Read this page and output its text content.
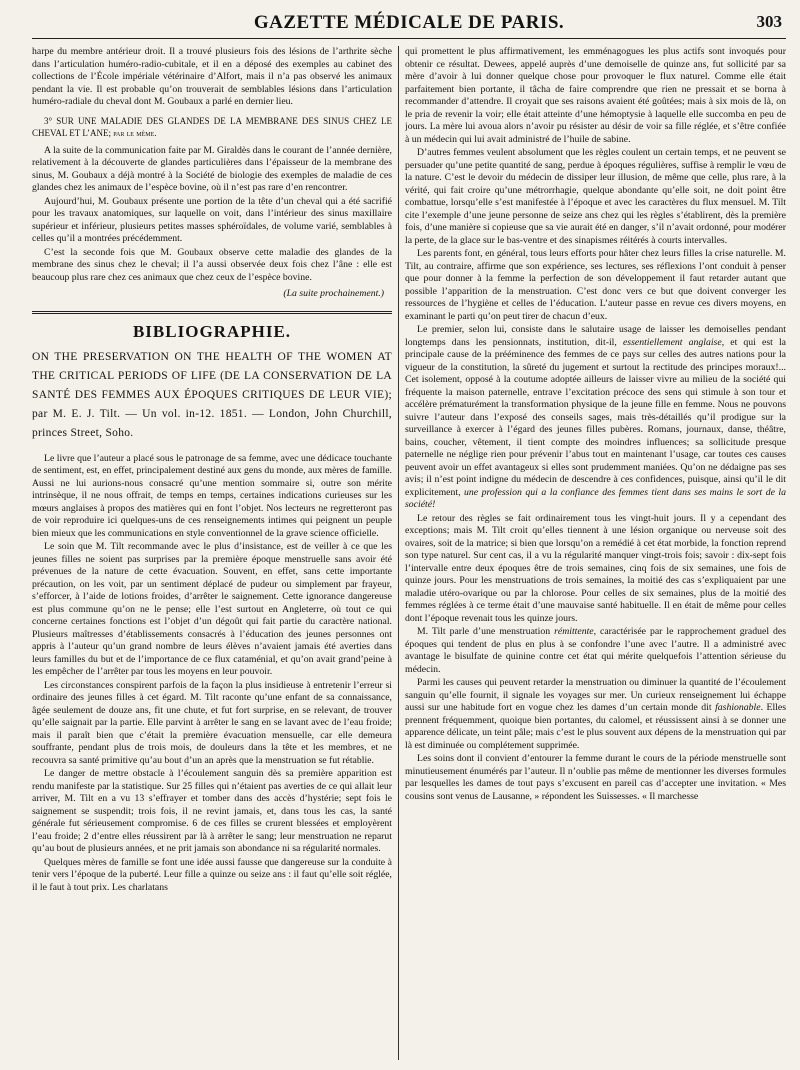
GAZETTE MÉDICALE DE PARIS.	303

harpe du membre antérieur droit. Il a trouvé plusieurs fois des lésions de l’arthrite sèche dans l’articulation huméro-radio-cubitale, et il en a déposé des exemples au cabinet des collections de l’École impériale vétérinaire d’Alfort, mais il n’a pas observé les animaux pendant la vie. Il est probable qu’on trouverait de semblables lésions dans l’articulation huméro-radiale du cheval dont M. Goubaux a parlé en dernier lieu.

3° SUR UNE MALADIE DES GLANDES DE LA MEMBRANE DES SINUS CHEZ LE CHEVAL ET L’ANE; par le même.

A la suite de la communication faite par M. Giraldès dans le courant de l’année dernière, relativement à la découverte de glandes particulières dans l’épaisseur de la membrane des sinus, M. Goubaux a déjà montré à la Société de biologie des exemples de maladie de ces glandes chez les animaux de l’espèce bovine, où il n’est pas rare d’en rencontrer.

Aujourd’hui, M. Goubaux présente une portion de la tête d’un cheval qui a été sacrifié pour les travaux anatomiques, sur laquelle on voit, dans l’intérieur des sinus maxillaire supérieur et inférieur, plusieurs petites masses sphéroïdales, de volume varié, semblables à celles qu’il a montrées précédemment.

C’est la seconde fois que M. Goubaux observe cette maladie des glandes de la membrane des sinus chez le cheval; il l’a aussi observée deux fois chez l’âne : elle est beaucoup plus rare chez ces animaux que chez ceux de l’espèce bovine.

(La suite prochainement.)
BIBLIOGRAPHIE.
ON THE PRESERVATION ON THE HEALTH OF THE WOMEN AT THE CRITICAL PERIODS OF LIFE (DE LA CONSERVATION DE LA SANTÉ DES FEMMES AUX ÉPOQUES CRITIQUES DE LEUR VIE); par M. E. J. Tilt. — Un vol. in-12. 1851. — London, John Churchill, princes Street, Soho.

Le livre que l’auteur a placé sous le patronage de sa femme, avec une dédicace touchante de sentiment, est, en effet, principalement destiné aux gens du monde, aux mères de famille. Aussi ne lui aurions-nous consacré qu’une mention sommaire si, outre son mérite intrinsèque, il ne nous offrait, de temps en temps, certaines indications curieuses sur les mœurs anglaises à propos des matières qui en font l’objet. Nos lecteurs ne regretteront pas de voir reproduire ici quelques-uns de ces renseignements intimes qui peignent un peuple bien mieux que les communications en style conventionnel de la grave science officielle.

Le soin que M. Tilt recommande avec le plus d’insistance, est de veiller à ce que les jeunes filles ne soient pas surprises par la première époque menstruelle sans avoir été prévenues de la nature de cette évacuation. Souvent, en effet, sans cette importante précaution, on les voit, par un sentiment déplacé de pudeur ou simplement par frayeur, s’efforcer, à l’aide de lotions froides, d’arrêter le saignement. Cette ignorance dangereuse est plus commune qu’on ne le pense; elle l’est surtout en Angleterre, où tout ce qui concerne certaines fonctions est l’objet d’un dégoût qui fait partie du caractère national. Plusieurs maîtresses d’établissements consacrés à l’éducation des jeunes personnes ont appris à l’auteur qu’un grand nombre de leurs élèves n’avaient jamais été averties dans leurs familles du but et de l’importance de ce flux cataménial, et qu’on avait grand’peine à les empêcher de l’arrêter par tous les moyens en leur pouvoir.

Les circonstances conspirent parfois de la façon la plus insidieuse à entretenir l’erreur si ordinaire des jeunes filles à cet égard. M. Tilt raconte qu’une enfant de sa connaissance, âgée seulement de douze ans, fit une chute, et fut fort surprise, en se relevant, de trouver qu’elle saignait par la partie. Elle parvint à arrêter le sang en se lavant avec de l’eau froide; mais il paraît bien que c’était la première évacuation mensuelle, car elle demeura souffrante, pendant plus de trois mois, de douleurs dans la tête et les membres, et ne recouvra sa santé primitive qu’au bout d’un an après que la menstruation se fut rétablie.

Le danger de mettre obstacle à l’écoulement sanguin dès sa première apparition est rendu manifeste par la statistique. Sur 25 filles qui n’étaient pas averties de ce qui allait leur arriver, M. Tilt en a vu 13 s’effrayer et tomber dans des accès d’hystérie; sept fois le saignement se suspendit; trois fois, il ne revint jamais, et, dans tous les cas, la santé générale fut sérieusement compromise. 6 de ces filles se crurent blessées et employèrent l’eau froide; 2 d’entre elles réussirent par là à arrêter le sang; leur menstruation ne reparut qu’au bout de plusieurs années, et ne prit jamais son abondance ni sa régularité normales.

Quelques mères de famille se font une idée aussi fausse que dangereuse sur la conduite à tenir vers l’époque de la puberté. Leur fille a quinze ou seize ans : il faut qu’elle soit réglée, il le faut à tout prix. Les charlatans

qui promettent le plus affirmativement, les emménagogues les plus actifs sont invoqués pour obtenir ce résultat. Dewees, appelé auprès d’une demoiselle de quinze ans, fut sollicité par sa mère d’avoir à lui donner quelque chose pour provoquer le flux naturel. Comme elle était parfaitement bien portante, il tâcha de faire comprendre que rien ne pressait et se borna à recommander d’attendre. Il croyait que ses raisons avaient été goûtées; mais à six mois de là, on le pria de revenir la voir; elle était atteinte d’une hémoptysie à laquelle elle succomba en peu de jours. La mère lui avoua alors n’avoir pu résister au désir de voir sa fille réglée, et s’être confiée à un médecin qui lui avait administré de l’huile de sabine.

D’autres femmes veulent absolument que les règles coulent un certain temps, et ne peuvent se persuader qu’une petite quantité de sang, perdue à époques régulières, suffise à remplir le vœu de la nature. C’est le devoir du médecin de dissiper leur illusion, de même que celle, plus rare, à la vérité, qui fait croire qu’une métrorrhagie, quelque abondante qu’elle soit, ne doit point être combattue, lorsqu’elle s’est manifestée à l’époque et avec les caractères du flux mensuel. M. Tilt cite l’exemple d’une jeune personne de seize ans chez qui les règles s’établirent, dès la première fois, d’une manière si copieuse que sa vie aurait été en danger, s’il n’avait ordonné, pour modérer la perte, de la glace sur le bas-ventre et des sinapismes réitérés à courts intervalles.

Les parents font, en général, tous leurs efforts pour hâter chez leurs filles la crise naturelle. M. Tilt, au contraire, affirme que son expérience, ses lectures, ses réflexions l’ont conduit à penser que pour donner à la femme la perfection de son développement il faut retarder autant que possible l’apparition de la menstruation. C’est donc vers ce but que doivent converger les ressources de l’hygiène et celles de l’éducation. L’auteur passe en revue ces divers moyens, en examinant le parti qu’on peut tirer de chacun d’eux.

Le premier, selon lui, consiste dans le salutaire usage de laisser les demoiselles pendant longtemps dans les pensionnats, institution, dit-il, essentiellement anglaise, et qui est la principale cause de la prééminence des femmes de ce pays sur celles des autres nations pour la vigueur de la constitution, la sûreté du jugement et surtout la rectitude des principes moraux!... Cet isolement, opposé à la coutume adoptée ailleurs de laisser vivre au milieu de la société qui fréquente la maison paternelle, entrave l’excitation précoce des sens qui stimule à son tour et accélère prématurément la transformation physique de la jeune fille en femme. Nous ne pouvons suivre l’auteur dans l’exposé des conseils sages, mais très-détaillés qu’il prodigue sur la surveillance à exercer à l’égard des jeunes filles pubères. Romans, journaux, danse, théâtre, bains, coucher, vêtement, il tient compte des moindres influences; sa sollicitude presque paternelle ne néglige rien pour prévenir l’abus tout en maintenant l’usage, car toutes ces causes peuvent avoir un effet avantageux si elles sont prudemment maniées. Qu’on ne dédaigne pas ses avis; il n’est point indigne du médecin de descendre à ces confidences, puisque, ainsi qu’il le dit explicitement, une profession qui a la confiance des femmes tient dans ses mains le sort de la société!

Le retour des règles se fait ordinairement tous les vingt-huit jours. Il y a cependant des exceptions; mais M. Tilt croit qu’elles tiennent à une lésion organique ou nerveuse soit des ovaires, soit de la matrice; si bien que lorsqu’on a remédié à cet état morbide, la fonction reprend son type naturel. Sur cent cas, il a vu la régularité manquer vingt-trois fois; savoir : dix-sept fois l’intervalle entre deux époques être de trois semaines, cinq fois de six semaines, une fois de quinze jours. Pour les menstruations de trois semaines, la moitié des cas s’expliquaient par une maladie utéro-ovarique ou par la chlorose. Pour celles de six semaines, plus de la moitié des femmes réglées à ce terme était d’une mauvaise santé habituelle. Il en était de même pour celles dont l’époque revenait tous les quinze jours.

M. Tilt parle d’une menstruation rémittente, caractérisée par le rapprochement graduel des époques qui tendent de plus en plus à se confondre l’une avec l’autre. Il a administré avec avantage le bisulfate de quinine contre cet état qui mérite quelquefois l’attention sérieuse du médecin.

Parmi les causes qui peuvent retarder la menstruation ou diminuer la quantité de l’écoulement sanguin qu’elle fournit, il signale les voyages sur mer. Un curieux renseignement lui échappe aussi sur une habitude fort en vogue chez les dames d’un certain monde dit fashionable. Elles prennent fréquemment, quoique bien portantes, du calomel, et réussissent ainsi à se donner une apparence délicate, un teint pâle; mais c’est le plus souvent aux dépens de la menstruation qui par là est diminuée ou complétement supprimée.

Les soins dont il convient d’entourer la femme durant le cours de la période menstruelle sont minutieusement énumérés par l’auteur. Il n’oublie pas même de mentionner les diverses formules par lesquelles les dames de tout pays s’excusent en pareil cas d’accepter une invitation. « Mes cousins sont venus de Lausanne, » répondent les Suissesses. « Il marchesse
